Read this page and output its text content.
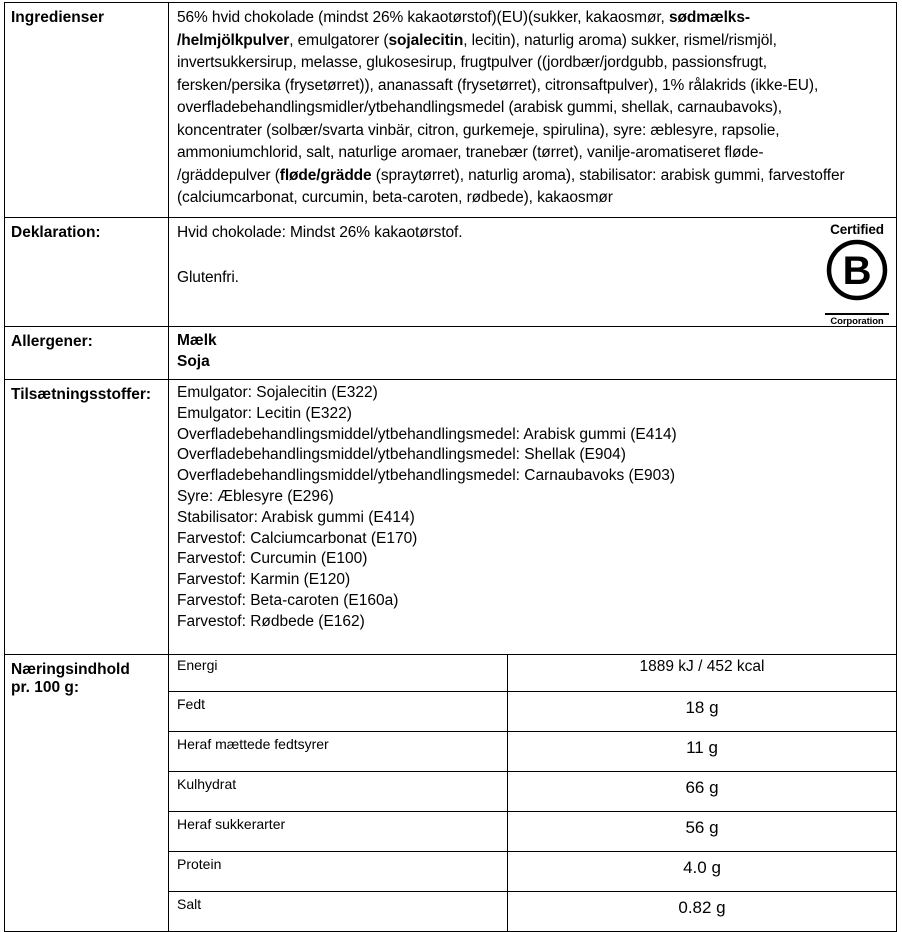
Ingredienser	56% hvid chokolade (mindst 26% kakaotørstof)(EU)(sukker, kakaosmør, sødmælks-

/helmjölkpulver, emulgatorer (sojalecitin, lecitin), naturlig aroma) sukker, rismel/rismjöl,

invertsukkersirup, melasse, glukosesirup, frugtpulver ((jordbær/jordgubb, passionsfrugt,

fersken/persika (frysetørret)), ananassaft (frysetørret), citronsaftpulver), 1% rålakrids (ikke-EU),

overfladebehandlingsmidler/ytbehandlingsmedel (arabisk gummi, shellak, carnaubavoks),

koncentrater (solbær/svarta vinbär, citron, gurkemeje, spirulina), syre: æblesyre, rapsolie,

ammoniumchlorid, salt, naturlige aromaer, tranebær (tørret), vanilje-aromatiseret fløde-

/gräddepulver (fløde/grädde (spraytørret), naturlig aroma), stabilisator: arabisk gummi, farvestoffer

(calciumcarbonat, curcumin, beta-caroten, rødbede), kakaosmør

Deklaration:	Hvid chokolade: Mindst 26% kakaotørstof.

Glutenfri.

Certified
B
Corporation

Allergener:	Mælk
Soja

Tilsætningsstoffer:	Emulgator: Sojalecitin (E322)
Emulgator: Lecitin (E322)
Overfladebehandlingsmiddel/ytbehandlingsmedel: Arabisk gummi (E414)
Overfladebehandlingsmiddel/ytbehandlingsmedel: Shellak (E904)
Overfladebehandlingsmiddel/ytbehandlingsmedel: Carnaubavoks (E903)
Syre: Æblesyre (E296)
Stabilisator: Arabisk gummi (E414)
Farvestof: Calciumcarbonat (E170)
Farvestof: Curcumin (E100)
Farvestof: Karmin (E120)
Farvestof: Beta-caroten (E160a)
Farvestof: Rødbede (E162)

Næringsindhold
pr. 100 g:

Energi	1889 kJ / 452 kcal
Fedt	18 g
Heraf mættede fedtsyrer	11 g
Kulhydrat	66 g
Heraf sukkerarter	56 g
Protein	4.0 g
Salt	0.82 g
